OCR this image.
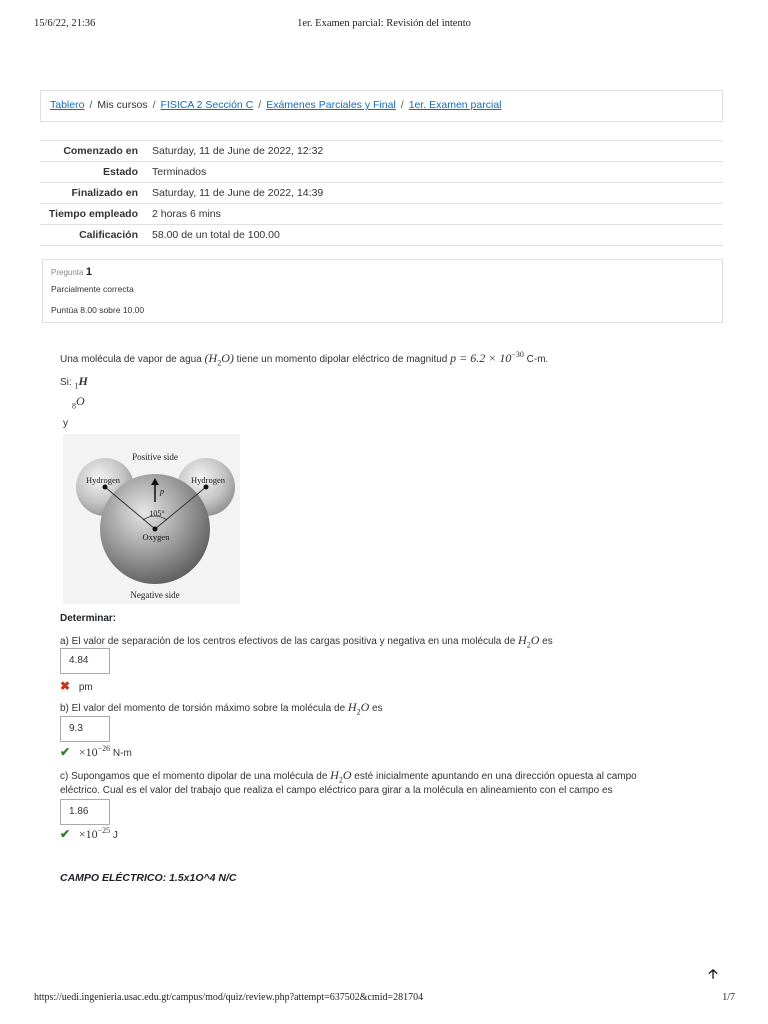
15/6/22, 21:36	1er. Examen parcial: Revisión del intento
Tablero / Mis cursos / FISICA 2 Sección C / Exámenes Parciales y Final / 1er. Examen parcial
Comenzado en	Saturday, 11 de June de 2022, 12:32
Estado	Terminados
Finalizado en	Saturday, 11 de June de 2022, 14:39
Tiempo empleado	2 horas 6 mins
Calificación	58.00 de un total de 100.00
Pregunta 1
Parcialmente correcta
Puntúa 8.00 sobre 10.00
Una molécula de vapor de agua $(H_2O)$ tiene un momento dipolar eléctrico de magnitud $p = 6.2 \times 10^{-30}$ C-m.
Si: $_1$H
$_8$O
y
Positive side
Negative side
Hydrogen	Hydrogen
Oxygen
105°
p
Determinar:
a) El valor de separación de los centros efectivos de las cargas positiva y negativa en una molécula de $H_2O$ es
4.84
✖ pm
b) El valor del momento de torsión máximo sobre la molécula de $H_2O$ es
9.3
✔ $\times 10^{-26}$ N-m
c) Supongamos que el momento dipolar de una molécula de $H_2O$ esté inicialmente apuntando en una dirección opuesta al campo
eléctrico. Cual es el valor del trabajo que realiza el campo eléctrico para girar a la molécula en alineamiento con el campo es
1.86
✔ $\times 10^{-25}$ J
CAMPO ELÉCTRICO: 1.5x1O^4 N/C
🡡
https://uedi.ingenieria.usac.edu.gt/campus/mod/quiz/review.php?attempt=637502&cmid=281704	1/7
